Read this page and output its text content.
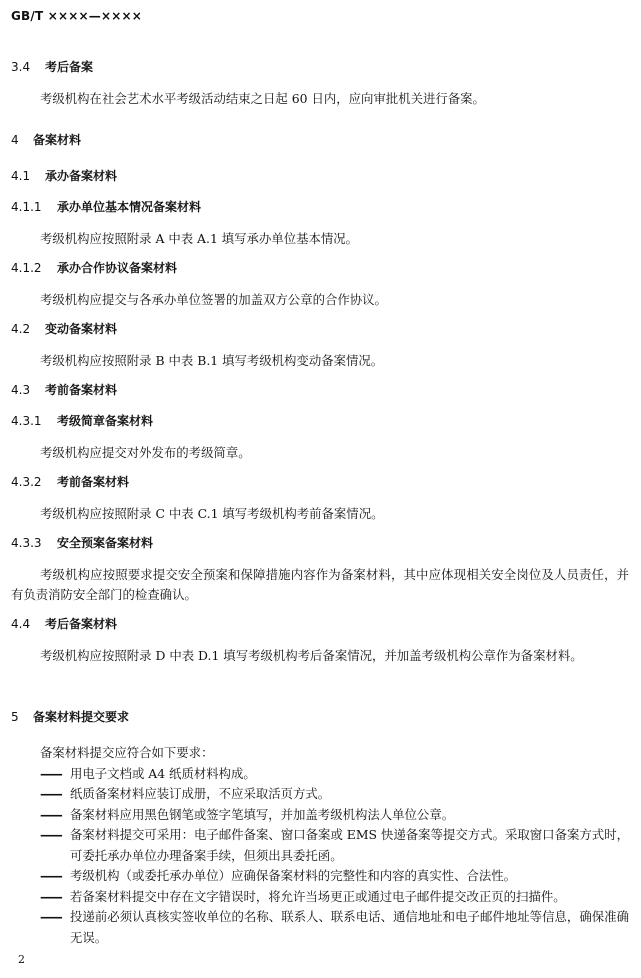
GB/T ××××—××××
3.4 考后备案
考级机构在社会艺术水平考级活动结束之日起 60 日内，应向审批机关进行备案。
4 备案材料
4.1 承办备案材料
4.1.1 承办单位基本情况备案材料
考级机构应按照附录 A 中表 A.1 填写承办单位基本情况。
4.1.2 承办合作协议备案材料
考级机构应提交与各承办单位签署的加盖双方公章的合作协议。
4.2 变动备案材料
考级机构应按照附录 B 中表 B.1 填写考级机构变动备案情况。
4.3 考前备案材料
4.3.1 考级简章备案材料
考级机构应提交对外发布的考级简章。
4.3.2 考前备案材料
考级机构应按照附录 C 中表 C.1 填写考级机构考前备案情况。
4.3.3 安全预案备案材料
考级机构应按照要求提交安全预案和保障措施内容作为备案材料，其中应体现相关安全岗位及人员责任，并有负责消防安全部门的检查确认。
4.4 考后备案材料
考级机构应按照附录 D 中表 D.1 填写考级机构考后备案情况，并加盖考级机构公章作为备案材料。
5 备案材料提交要求
备案材料提交应符合如下要求：
—— 用电子文档或 A4 纸质材料构成。
—— 纸质备案材料应装订成册，不应采取活页方式。
—— 备案材料应用黑色钢笔或签字笔填写，并加盖考级机构法人单位公章。
—— 备案材料提交可采用：电子邮件备案、窗口备案或 EMS 快递备案等提交方式。采取窗口备案方式时，可委托承办单位办理备案手续，但须出具委托函。
—— 考级机构（或委托承办单位）应确保备案材料的完整性和内容的真实性、合法性。
—— 若备案材料提交中存在文字错误时，将允许当场更正或通过电子邮件提交改正页的扫描件。
—— 投递前必须认真核实签收单位的名称、联系人、联系电话、通信地址和电子邮件地址等信息，确保准确无误。
2
